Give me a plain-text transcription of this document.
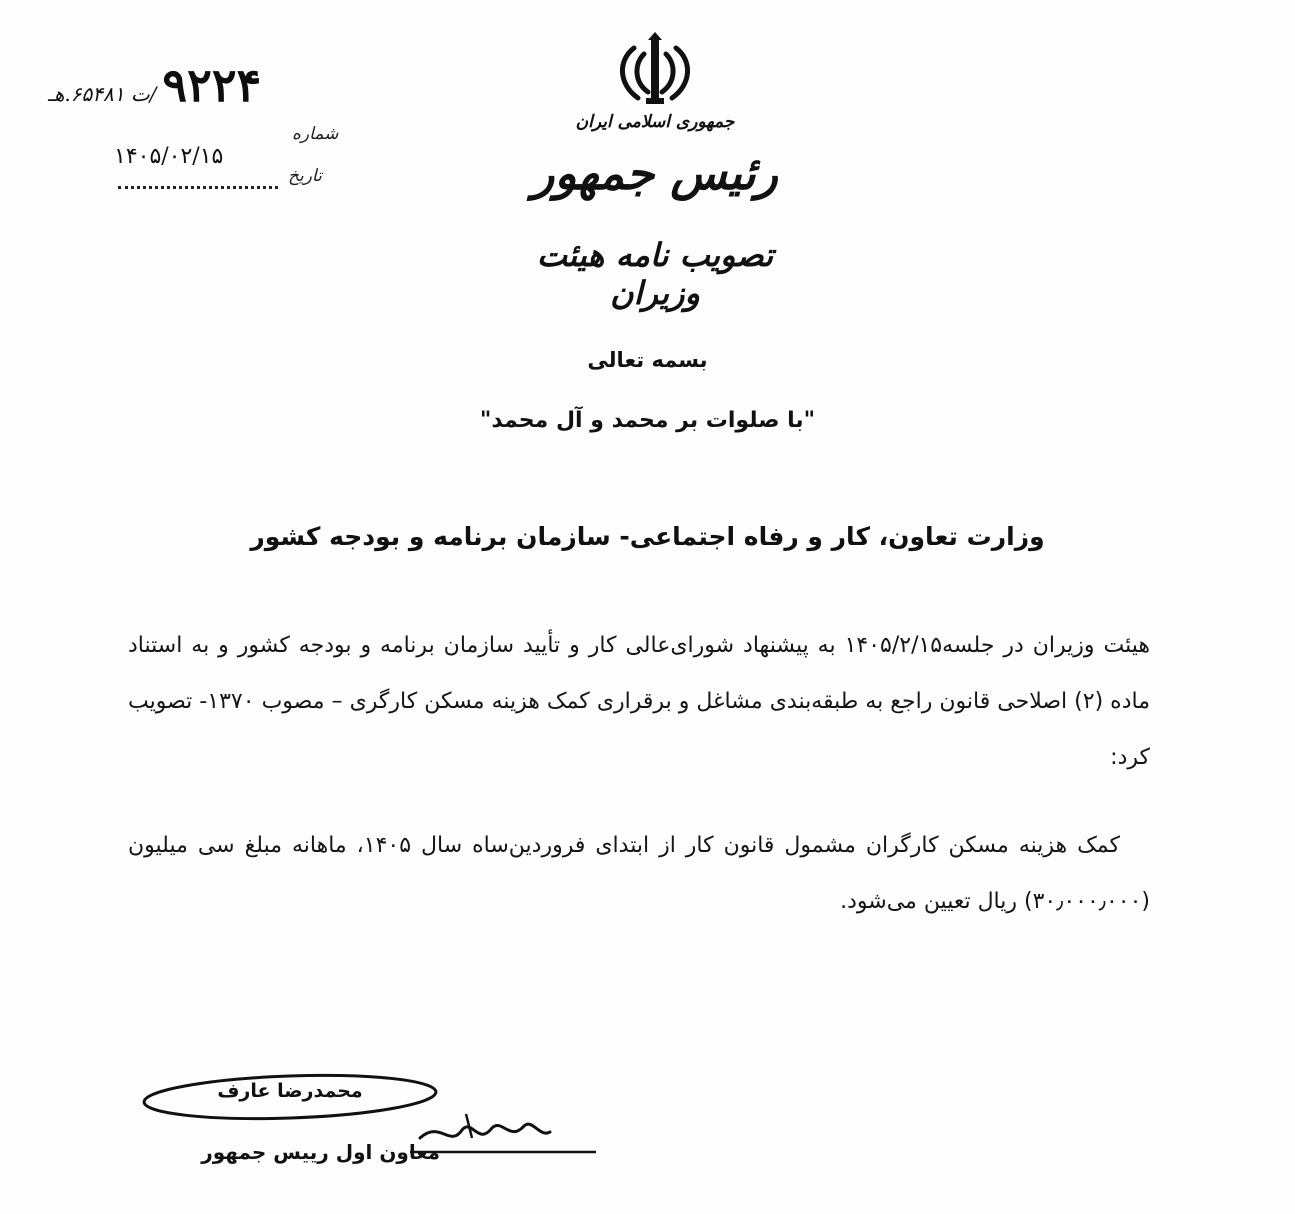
۹۲۲۴
/ت ۶۵۴۸۱.هـ
شماره
۱۴۰۵/۰۲/۱۵
تاریخ
جمهوری اسلامی ایران
رئیس جمهور
تصویب نامه هیئت وزیران
بسمه تعالی
"با صلوات بر محمد و آل محمد"
وزارت تعاون، کار و رفاه اجتماعی- سازمان برنامه و بودجه کشور
هیئت وزیران در جلسه۱۴۰۵/۲/۱۵ به پیشنهاد شورای‌عالی کار و تأیید سازمان برنامه و بودجه کشور و به استناد ماده (۲) اصلاحی قانون راجع به طبقه‌بندی مشاغل و برقراری کمک هزینه مسکن کارگری – مصوب ۱۳۷۰- تصویب کرد:
کمک هزینه مسکن کارگران مشمول قانون کار از ابتدای فروردین‌ساه سال ۱۴۰۵، ماهانه مبلغ سی میلیون (۳۰٫۰۰۰٫۰۰۰) ریال تعیین می‌شود.
محمدرضا عارف
معاون اول رییس جمهور
